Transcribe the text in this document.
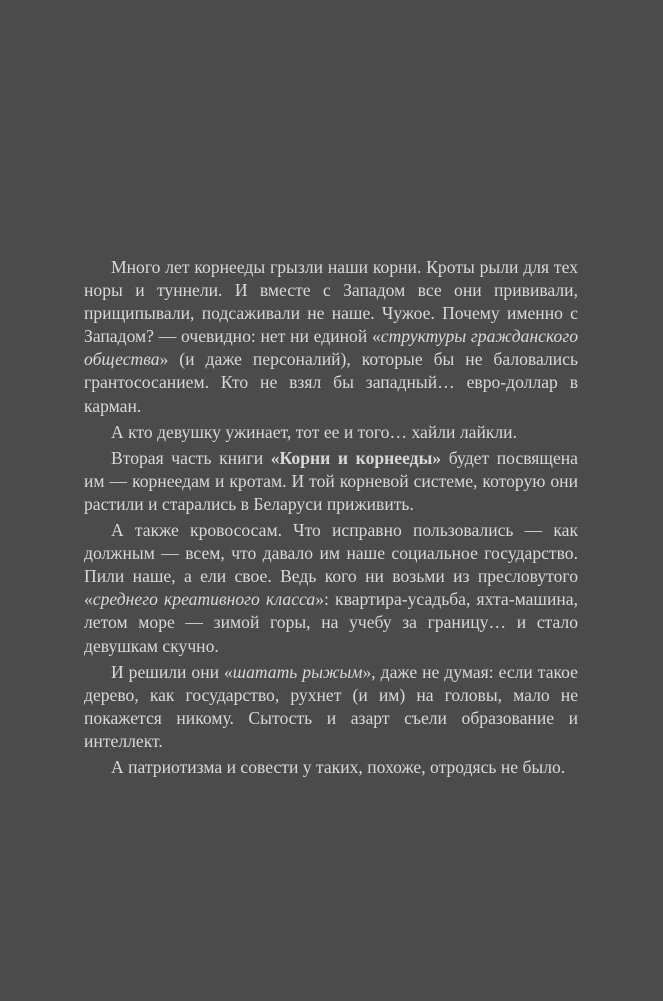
Много лет корнееды грызли наши корни. Кроты рыли для тех норы и туннели. И вместе с Западом все они прививали, прищипывали, подсаживали не наше. Чужое. Почему именно с Западом? — очевидно: нет ни единой «структуры гражданского общества» (и даже персоналий), которые бы не баловались грантососанием. Кто не взял бы западный… евро-доллар в карман.

А кто девушку ужинает, тот ее и того… хайли лайкли.

Вторая часть книги «Корни и корнееды» будет посвящена им — корнеедам и кротам. И той корневой системе, которую они растили и старались в Беларуси приживить.

А также кровососам. Что исправно пользовались — как должным — всем, что давало им наше социальное государство. Пили наше, а ели свое. Ведь кого ни возьми из пресловутого «среднего креативного класса»: квартира-усадьба, яхта-машина, летом море — зимой горы, на учебу за границу… и стало девушкам скучно.

И решили они «шатать рыжым», даже не думая: если такое дерево, как государство, рухнет (и им) на головы, мало не покажется никому. Сытость и азарт съели образование и интеллект.

А патриотизма и совести у таких, похоже, отродясь не было.
